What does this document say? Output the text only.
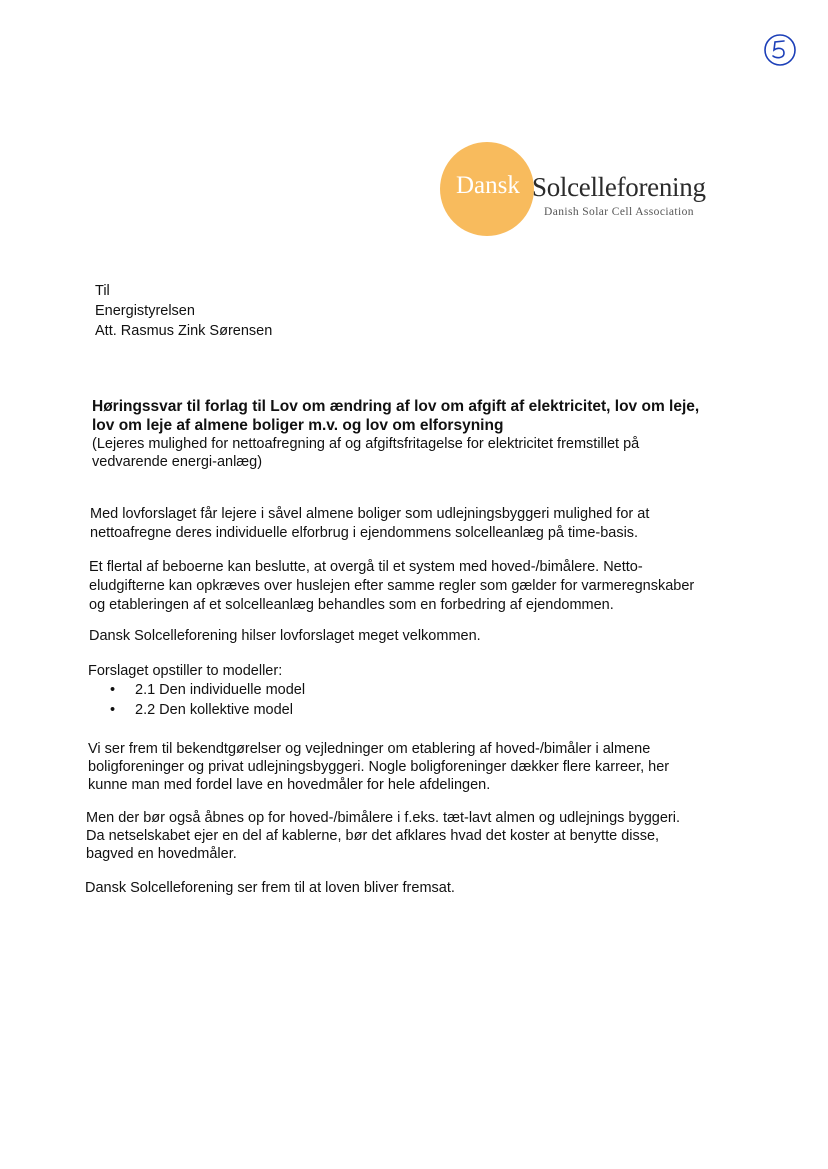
Dansk Solcelleforening
Danish Solar Cell Association
Til
Energistyrelsen
Att. Rasmus Zink Sørensen
Høringssvar til forlag til Lov om ændring af lov om afgift af elektricitet, lov om leje,
lov om leje af almene boliger m.v. og lov om elforsyning
(Lejeres mulighed for nettoafregning af og afgiftsfritagelse for elektricitet fremstillet på
vedvarende energi-anlæg)
Med lovforslaget får lejere i såvel almene boliger som udlejningsbyggeri mulighed for at
nettoafregne deres individuelle elforbrug i ejendommens solcelleanlæg på time-basis.
Et flertal af beboerne kan beslutte, at overgå til et system med hoved-/bimålere. Netto-
eludgifterne kan opkræves over huslejen efter samme regler som gælder for varmeregnskaber
og etableringen af et solcelleanlæg behandles som en forbedring af ejendommen.
Dansk Solcelleforening hilser lovforslaget meget velkommen.
Forslaget opstiller to modeller:
• 2.1 Den individuelle model
• 2.2 Den kollektive model
Vi ser frem til bekendtgørelser og vejledninger om etablering af hoved-/bimåler i almene
boligforeninger og privat udlejningsbyggeri. Nogle boligforeninger dækker flere karreer, her
kunne man med fordel lave en hovedmåler for hele afdelingen.
Men der bør også åbnes op for hoved-/bimålere i f.eks. tæt-lavt almen og udlejnings byggeri.
Da netselskabet ejer en del af kablerne, bør det afklares hvad det koster at benytte disse,
bagved en hovedmåler.
Dansk Solcelleforening ser frem til at loven bliver fremsat.
